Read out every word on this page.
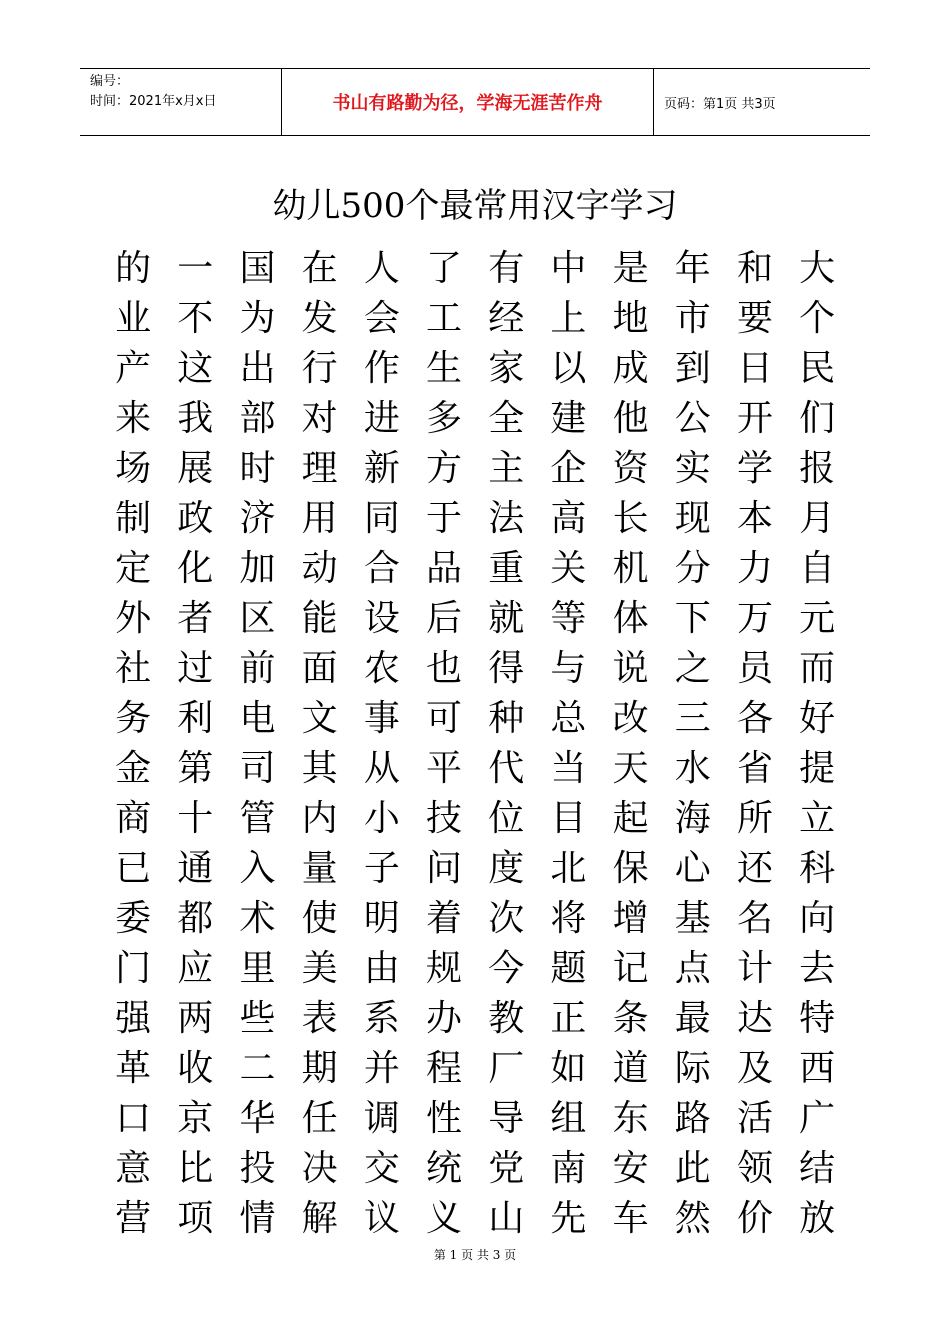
编号：
时间：2021年x月x日	书山有路勤为径，学海无涯苦作舟	页码：第1页 共3页
幼儿500个最常用汉字学习
的 一 国 在 人 了 有 中 是 年 和 大
业 不 为 发 会 工 经 上 地 市 要 个
产 这 出 行 作 生 家 以 成 到 日 民
来 我 部 对 进 多 全 建 他 公 开 们
场 展 时 理 新 方 主 企 资 实 学 报
制 政 济 用 同 于 法 高 长 现 本 月
定 化 加 动 合 品 重 关 机 分 力 自
外 者 区 能 设 后 就 等 体 下 万 元
社 过 前 面 农 也 得 与 说 之 员 而
务 利 电 文 事 可 种 总 改 三 各 好
金 第 司 其 从 平 代 当 天 水 省 提
商 十 管 内 小 技 位 目 起 海 所 立
已 通 入 量 子 问 度 北 保 心 还 科
委 都 术 使 明 着 次 将 增 基 名 向
门 应 里 美 由 规 今 题 记 点 计 去
强 两 些 表 系 办 教 正 条 最 达 特
革 收 二 期 并 程 厂 如 道 际 及 西
口 京 华 任 调 性 导 组 东 路 活 广
意 比 投 决 交 统 党 南 安 此 领 结
营 项 情 解 议 义 山 先 车 然 价 放
第 1 页 共 3 页
